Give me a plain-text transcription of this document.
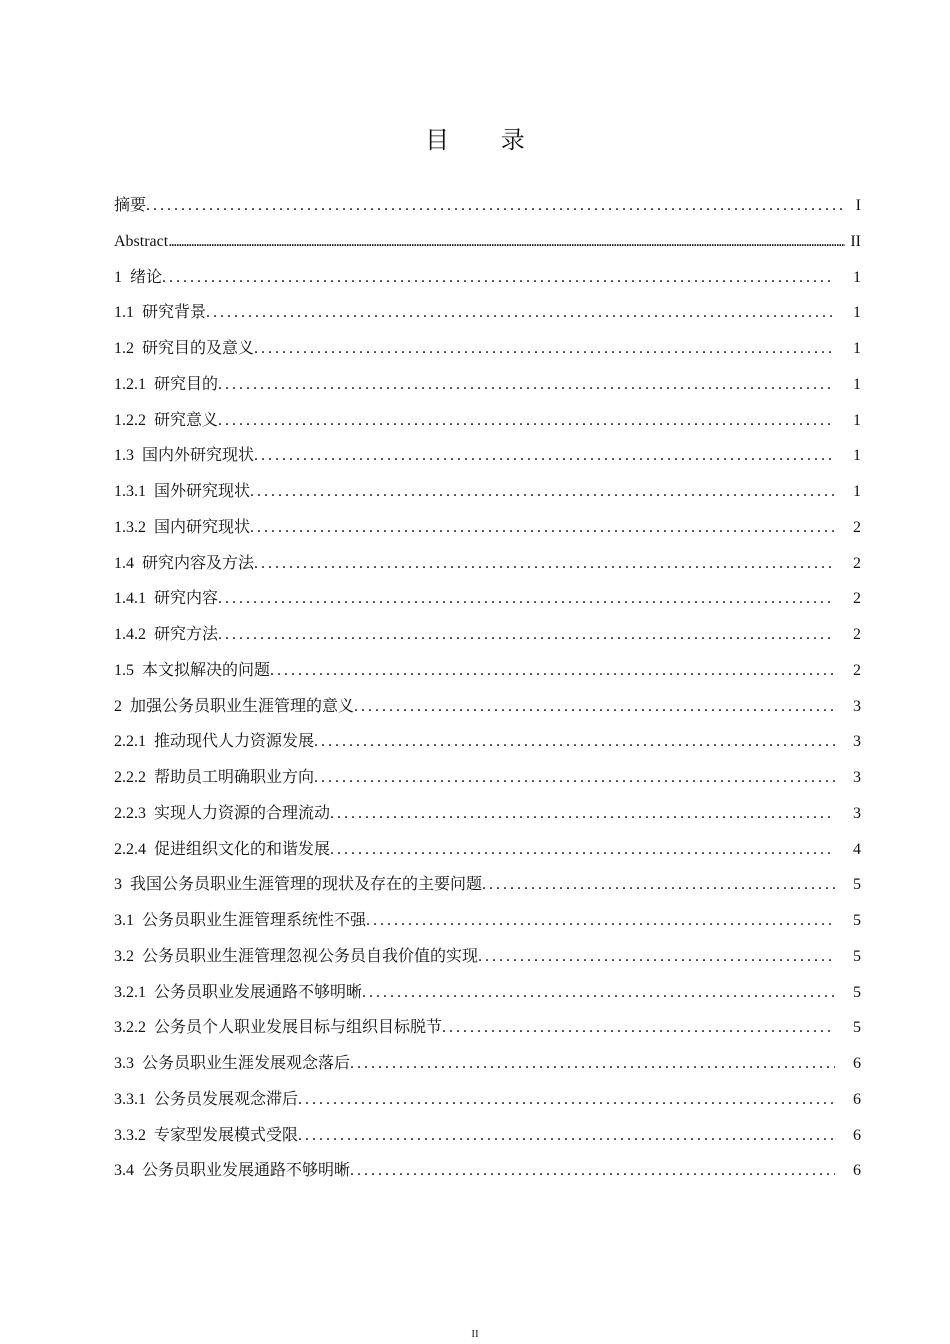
目 录
摘要 . . .	I
Abstract .....	II
1 绪论 . . .	1
1.1 研究背景 . . .	1
1.2 研究目的及意义 . . .	1
1.2.1 研究目的 . . .	1
1.2.2 研究意义 . . .	1
1.3 国内外研究现状 . . .	1
1.3.1 国外研究现状 . . .	1
1.3.2 国内研究现状 . . .	2
1.4 研究内容及方法 . . .	2
1.4.1 研究内容 . . .	2
1.4.2 研究方法 . . .	2
1.5 本文拟解决的问题 . . .	2
2 加强公务员职业生涯管理的意义 . . .	3
2.2.1 推动现代人力资源发展 . . .	3
2.2.2 帮助员工明确职业方向 . . .	3
2.2.3 实现人力资源的合理流动 . . .	3
2.2.4 促进组织文化的和谐发展 . . .	4
3 我国公务员职业生涯管理的现状及存在的主要问题 . . .	5
3.1 公务员职业生涯管理系统性不强 . . .	5
3.2 公务员职业生涯管理忽视公务员自我价值的实现 . . .	5
3.2.1 公务员职业发展通路不够明晰 . . .	5
3.2.2 公务员个人职业发展目标与组织目标脱节 . . .	5
3.3 公务员职业生涯发展观念落后 . . .	6
3.3.1 公务员发展观念滞后 . . .	6
3.3.2 专家型发展模式受限 . . .	6
3.4 公务员职业发展通路不够明晰 . . .	6
II
